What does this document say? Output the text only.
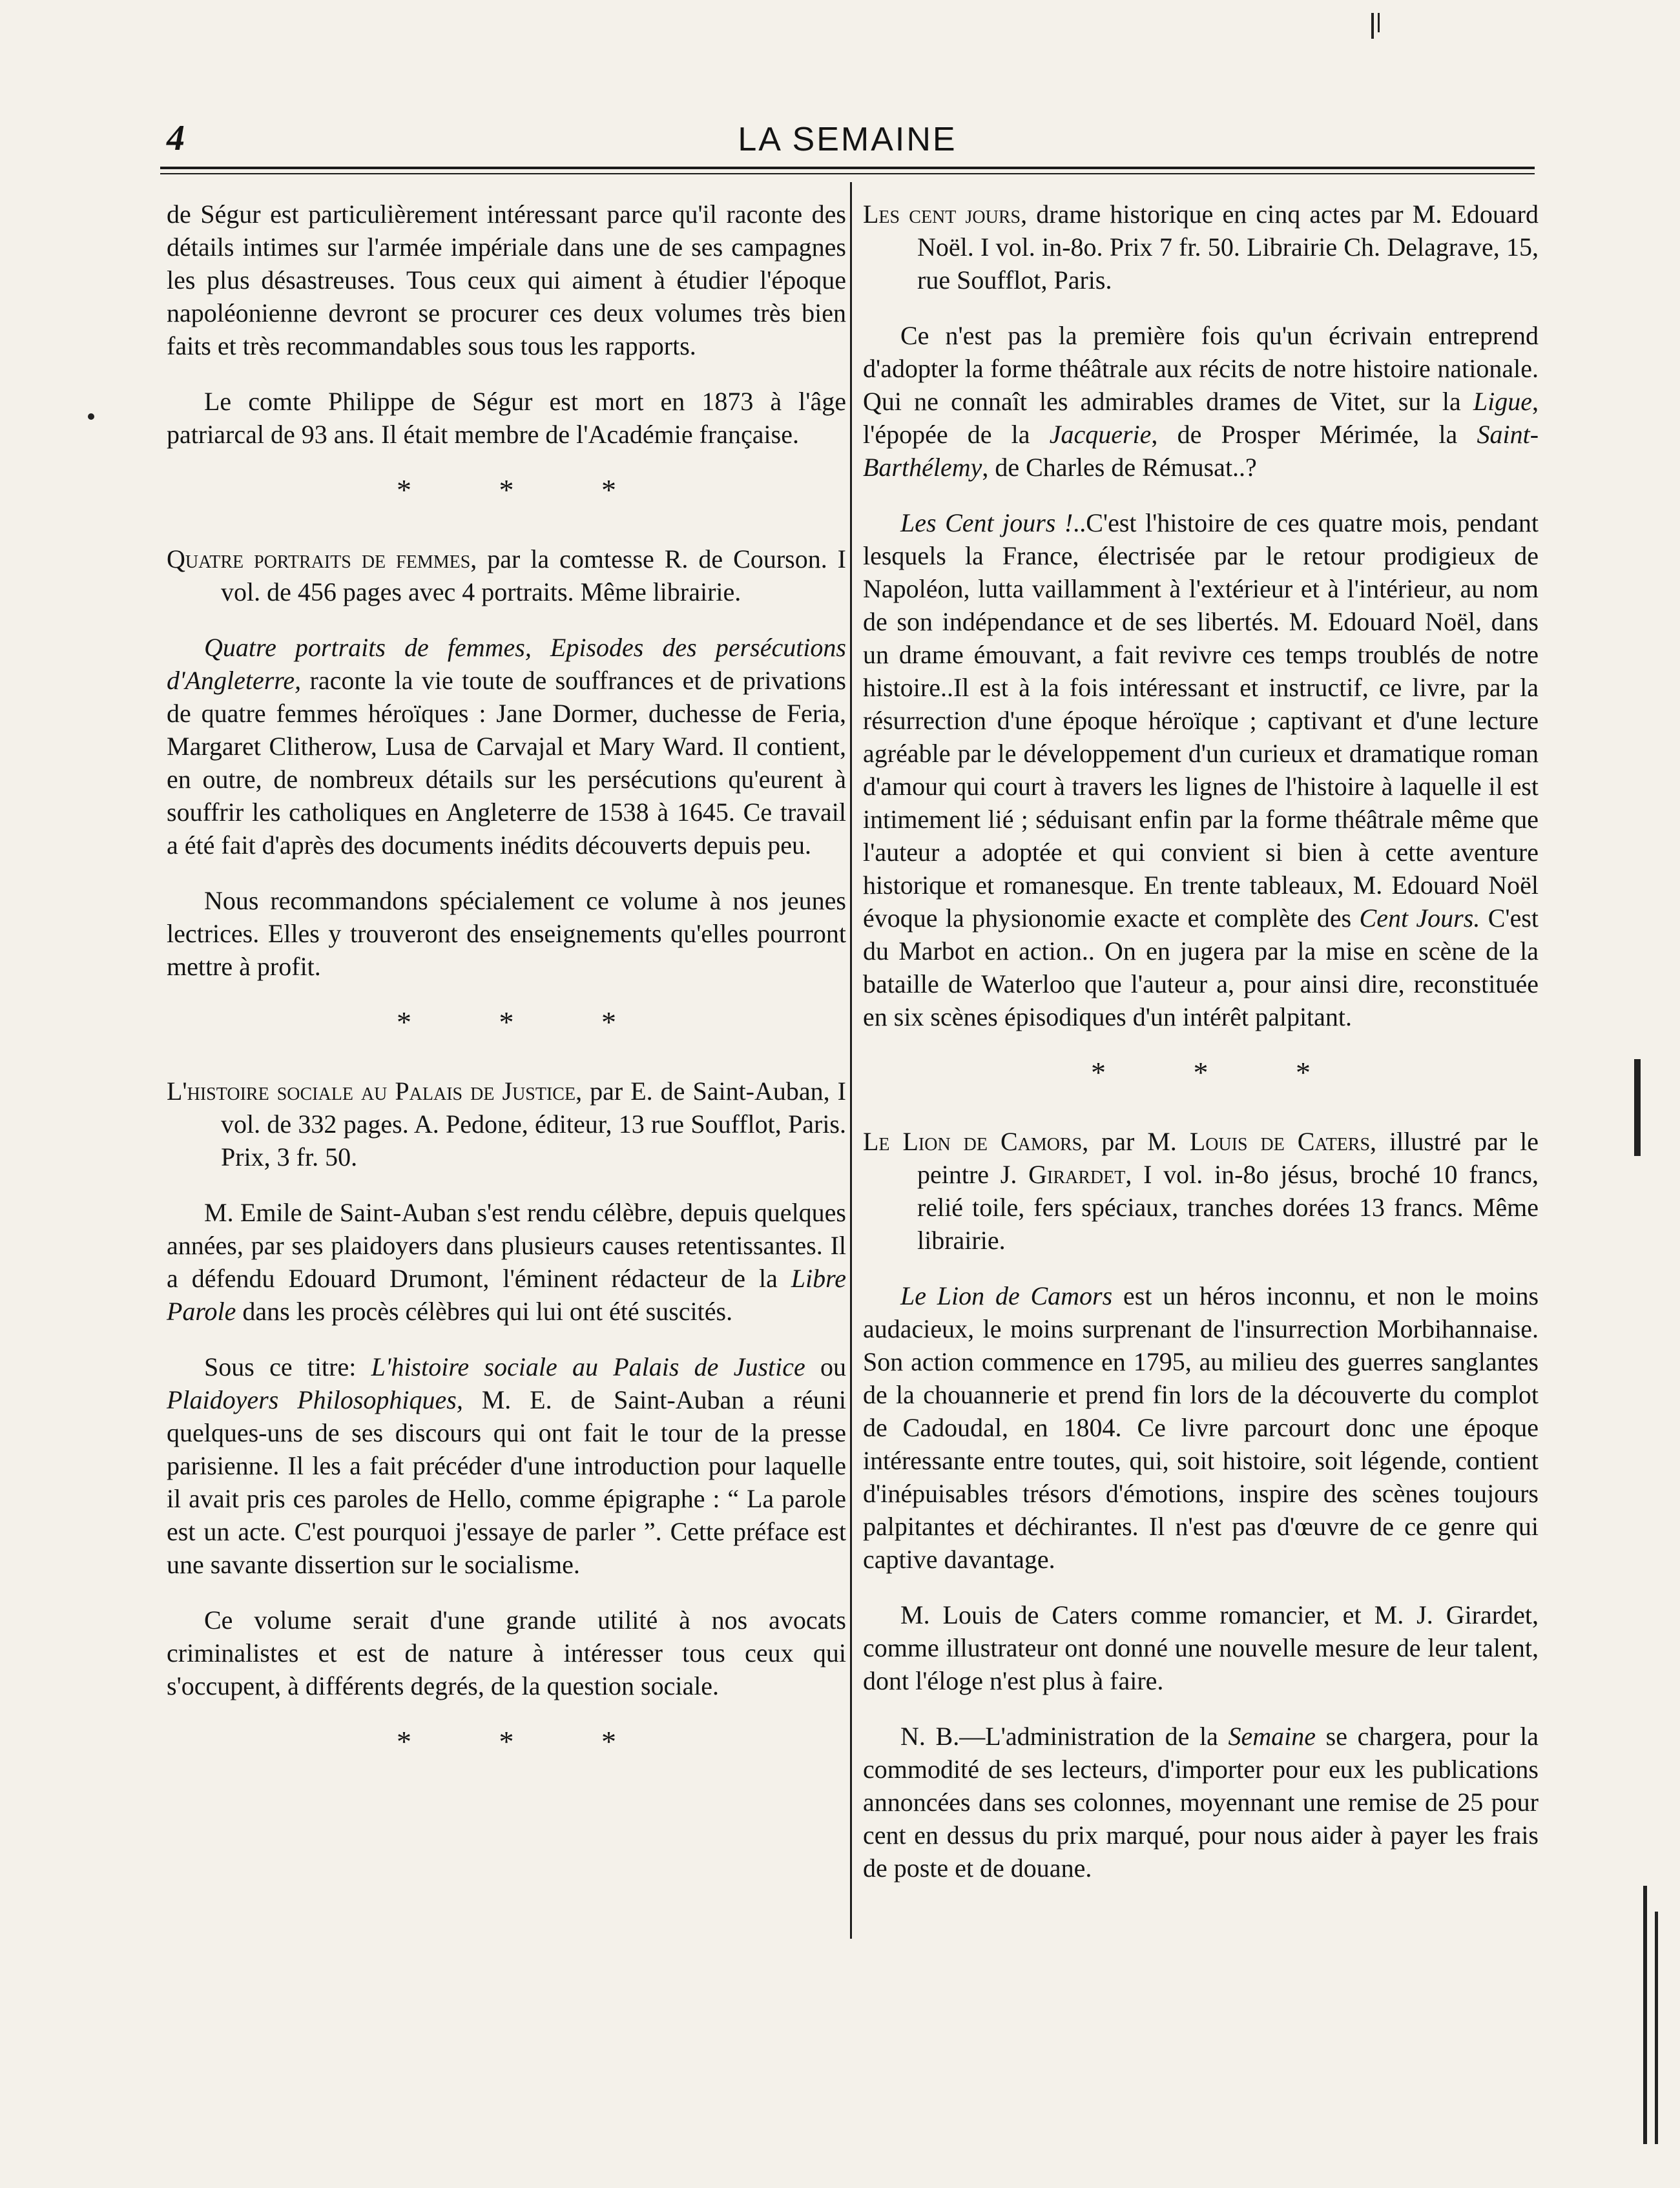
4	LA SEMAINE

de Ségur est particulièrement intéressant parce qu'il raconte des détails intimes sur l'armée impériale dans une de ses campagnes les plus désastreuses. Tous ceux qui aiment à étudier l'époque napoléonienne devront se procurer ces deux volumes très bien faits et très recommandables sous tous les rapports.

Le comte Philippe de Ségur est mort en 1873 à l'âge patriarcal de 93 ans. Il était membre de l'Académie française.

* * *

Quatre portraits de femmes, par la comtesse R. de Courson. I vol. de 456 pages avec 4 portraits. Même librairie.

Quatre portraits de femmes, Episodes des persécutions d'Angleterre, raconte la vie toute de souffrances et de privations de quatre femmes héroïques : Jane Dormer, duchesse de Feria, Margaret Clitherow, Lusa de Carvajal et Mary Ward. Il contient, en outre, de nombreux détails sur les persécutions qu'eurent à souffrir les catholiques en Angleterre de 1538 à 1645. Ce travail a été fait d'après des documents inédits découverts depuis peu.

Nous recommandons spécialement ce volume à nos jeunes lectrices. Elles y trouveront des enseignements qu'elles pourront mettre à profit.

* * *

L'histoire sociale au Palais de Justice, par E. de Saint-Auban, I vol. de 332 pages. A. Pedone, éditeur, 13 rue Soufflot, Paris. Prix, 3 fr. 50.

M. Emile de Saint-Auban s'est rendu célèbre, depuis quelques années, par ses plaidoyers dans plusieurs causes retentissantes. Il a défendu Edouard Drumont, l'éminent rédacteur de la Libre Parole dans les procès célèbres qui lui ont été suscités.

Sous ce titre: L'histoire sociale au Palais de Justice ou Plaidoyers Philosophiques, M. E. de Saint-Auban a réuni quelques-uns de ses discours qui ont fait le tour de la presse parisienne. Il les a fait précéder d'une introduction pour laquelle il avait pris ces paroles de Hello, comme épigraphe : “ La parole est un acte. C'est pourquoi j'essaye de parler ”. Cette préface est une savante dissertion sur le socialisme.

Ce volume serait d'une grande utilité à nos avocats criminalistes et est de nature à intéresser tous ceux qui s'occupent, à différents degrés, de la question sociale.

* * *

Les cent jours, drame historique en cinq actes par M. Edouard Noël. I vol. in-8o. Prix 7 fr. 50. Librairie Ch. Delagrave, 15, rue Soufflot, Paris.

Ce n'est pas la première fois qu'un écrivain entreprend d'adopter la forme théâtrale aux récits de notre histoire nationale. Qui ne connaît les admirables drames de Vitet, sur la Ligue, l'épopée de la Jacquerie, de Prosper Mérimée, la Saint-Barthélemy, de Charles de Rémusat..?

Les Cent jours !..C'est l'histoire de ces quatre mois, pendant lesquels la France, électrisée par le retour prodigieux de Napoléon, lutta vaillamment à l'extérieur et à l'intérieur, au nom de son indépendance et de ses libertés. M. Edouard Noël, dans un drame émouvant, a fait revivre ces temps troublés de notre histoire..Il est à la fois intéressant et instructif, ce livre, par la résurrection d'une époque héroïque ; captivant et d'une lecture agréable par le développement d'un curieux et dramatique roman d'amour qui court à travers les lignes de l'histoire à laquelle il est intimement lié ; séduisant enfin par la forme théâtrale même que l'auteur a adoptée et qui convient si bien à cette aventure historique et romanesque. En trente tableaux, M. Edouard Noël évoque la physionomie exacte et complète des Cent Jours. C'est du Marbot en action.. On en jugera par la mise en scène de la bataille de Waterloo que l'auteur a, pour ainsi dire, reconstituée en six scènes épisodiques d'un intérêt palpitant.

* * *

Le Lion de Camors, par M. Louis de Caters, illustré par le peintre J. Girardet, I vol. in-8o jésus, broché 10 francs, relié toile, fers spéciaux, tranches dorées 13 francs. Même librairie.

Le Lion de Camors est un héros inconnu, et non le moins audacieux, le moins surprenant de l'insurrection Morbihannaise. Son action commence en 1795, au milieu des guerres sanglantes de la chouannerie et prend fin lors de la découverte du complot de Cadoudal, en 1804. Ce livre parcourt donc une époque intéressante entre toutes, qui, soit histoire, soit légende, contient d'inépuisables trésors d'émotions, inspire des scènes toujours palpitantes et déchirantes. Il n'est pas d'œuvre de ce genre qui captive davantage.

M. Louis de Caters comme romancier, et M. J. Girardet, comme illustrateur ont donné une nouvelle mesure de leur talent, dont l'éloge n'est plus à faire.

N. B.—L'administration de la Semaine se chargera, pour la commodité de ses lecteurs, d'importer pour eux les publications annoncées dans ses colonnes, moyennant une remise de 25 pour cent en dessus du prix marqué, pour nous aider à payer les frais de poste et de douane.
